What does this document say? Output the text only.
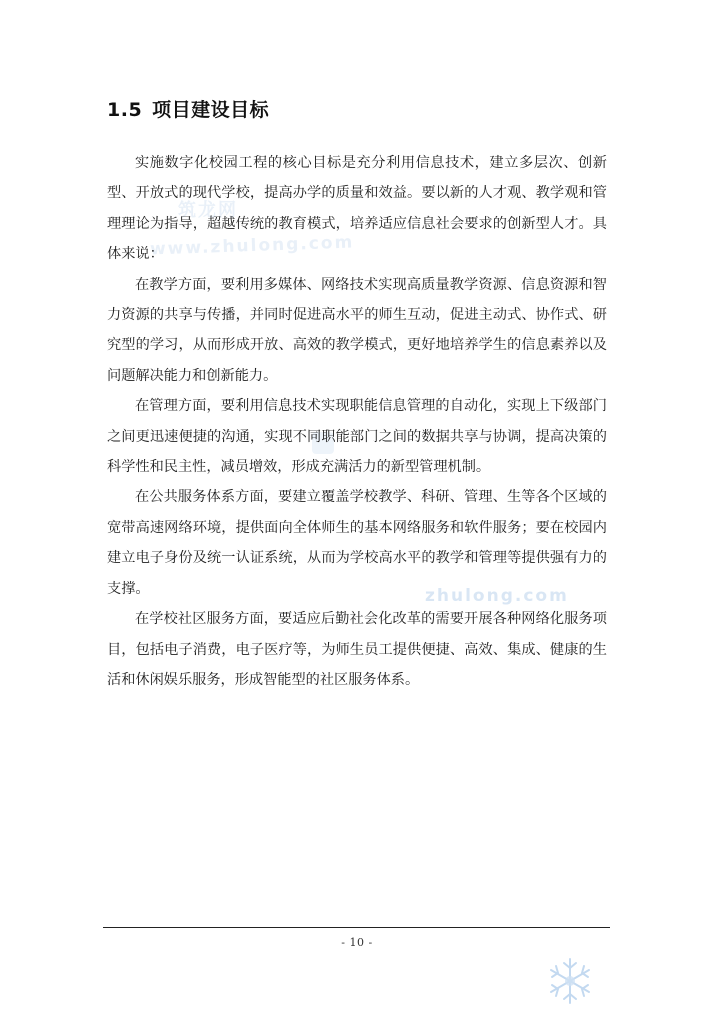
1.5 项目建设目标
筑龙网
www.zhulong.com
zhulong.com

实施数字化校园工程的核心目标是充分利用信息技术，建立多层次、创新型、开放式的现代学校，提高办学的质量和效益。要以新的人才观、教学观和管理理论为指导，超越传统的教育模式，培养适应信息社会要求的创新型人才。具体来说：

在教学方面，要利用多媒体、网络技术实现高质量教学资源、信息资源和智力资源的共享与传播，并同时促进高水平的师生互动，促进主动式、协作式、研究型的学习，从而形成开放、高效的教学模式，更好地培养学生的信息素养以及问题解决能力和创新能力。

在管理方面，要利用信息技术实现职能信息管理的自动化，实现上下级部门之间更迅速便捷的沟通，实现不同职能部门之间的数据共享与协调，提高决策的科学性和民主性，减员增效，形成充满活力的新型管理机制。

在公共服务体系方面，要建立覆盖学校教学、科研、管理、生等各个区域的宽带高速网络环境，提供面向全体师生的基本网络服务和软件服务；要在校园内建立电子身份及统一认证系统，从而为学校高水平的教学和管理等提供强有力的支撑。

在学校社区服务方面，要适应后勤社会化改革的需要开展各种网络化服务项目，包括电子消费，电子医疗等，为师生员工提供便捷、高效、集成、健康的生活和休闲娱乐服务，形成智能型的社区服务体系。

- 10 -
